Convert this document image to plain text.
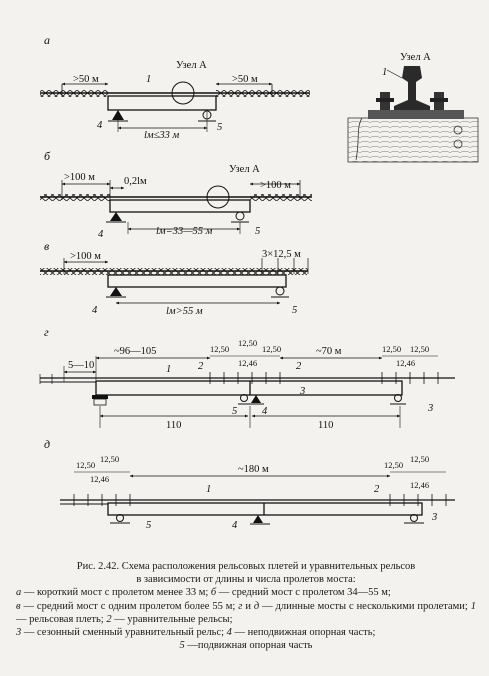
а
>50 м	>50 м
Узел A
1
4	5
lм≤33 м
Узел A
1
б
>100 м	0,2lм
Узел A
>100 м
4	5
lм=33—55 м
в
>100 м	3×12,5 м
4	5
lм>55 м
г
~96—105
5—10
12,50
12,50
12,46
12,50	~70 м	12,50 12,50
12,46
1	2	2
3
3
5 4
110	110
д
12,50
12,50
12,46
~180 м	12,50
12,50
12,46
1	2
3
5	4

Рис. 2.42. Схема расположения рельсовых плетей и уравнительных рельсов

в зависимости от длины и числа пролетов моста:

а — короткий мост с пролетом менее 33 м; б — средний мост с пролетом 34—55 м;

в — средний мост с одним пролетом более 55 м; г и д — длинные мосты с несколькими пролетами; 1 — рельсовая плеть; 2 — уравнительные рельсы;

3 — сезонный сменный уравнительный рельс; 4 — неподвижная опорная часть;

5 —подвижная опорная часть
